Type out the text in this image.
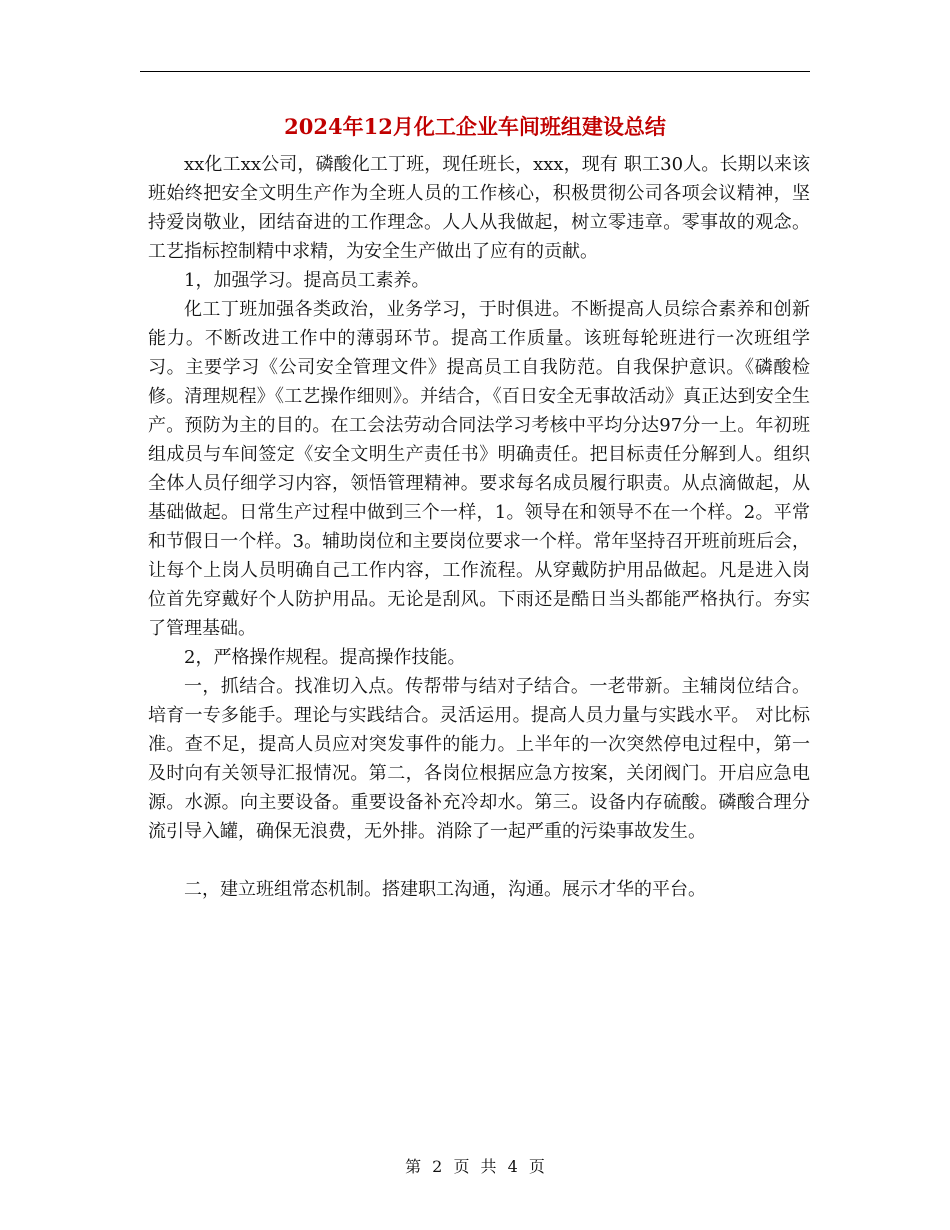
2024年12月化工企业车间班组建设总结

xx化工xx公司，磷酸化工丁班，现任班长，xxx，现有 职工30人。长期以来该班始终把安全文明生产作为全班人员的工作核心，积极贯彻公司各项会议精神，坚持爱岗敬业，团结奋进的工作理念。人人从我做起，树立零违章。零事故的观念。工艺指标控制精中求精，为安全生产做出了应有的贡献。

1，加强学习。提高员工素养。

化工丁班加强各类政治，业务学习，于时俱进。不断提高人员综合素养和创新能力。不断改进工作中的薄弱环节。提高工作质量。该班每轮班进行一次班组学习。主要学习《公司安全管理文件》提高员工自我防范。自我保护意识。《磷酸检修。清理规程》《工艺操作细则》。并结合，《百日安全无事故活动》真正达到安全生产。预防为主的目的。在工会法劳动合同法学习考核中平均分达97分一上。年初班组成员与车间签定《安全文明生产责任书》明确责任。把目标责任分解到人。组织全体人员仔细学习内容，领悟管理精神。要求每名成员履行职责。从点滴做起，从基础做起。日常生产过程中做到三个一样，1。领导在和领导不在一个样。2。平常和节假日一个样。3。辅助岗位和主要岗位要求一个样。常年坚持召开班前班后会，让每个上岗人员明确自己工作内容，工作流程。从穿戴防护用品做起。凡是进入岗位首先穿戴好个人防护用品。无论是刮风。下雨还是酷日当头都能严格执行。夯实了管理基础。

2，严格操作规程。提高操作技能。

一，抓结合。找准切入点。传帮带与结对子结合。一老带新。主辅岗位结合。培育一专多能手。理论与实践结合。灵活运用。提高人员力量与实践水平。 对比标准。查不足，提高人员应对突发事件的能力。上半年的一次突然停电过程中，第一及时向有关领导汇报情况。第二，各岗位根据应急方按案，关闭阀门。开启应急电源。水源。向主要设备。重要设备补充冷却水。第三。设备内存硫酸。磷酸合理分流引导入罐，确保无浪费，无外排。消除了一起严重的污染事故发生。

二，建立班组常态机制。搭建职工沟通，沟通。展示才华的平台。

第 2 页 共 4 页
